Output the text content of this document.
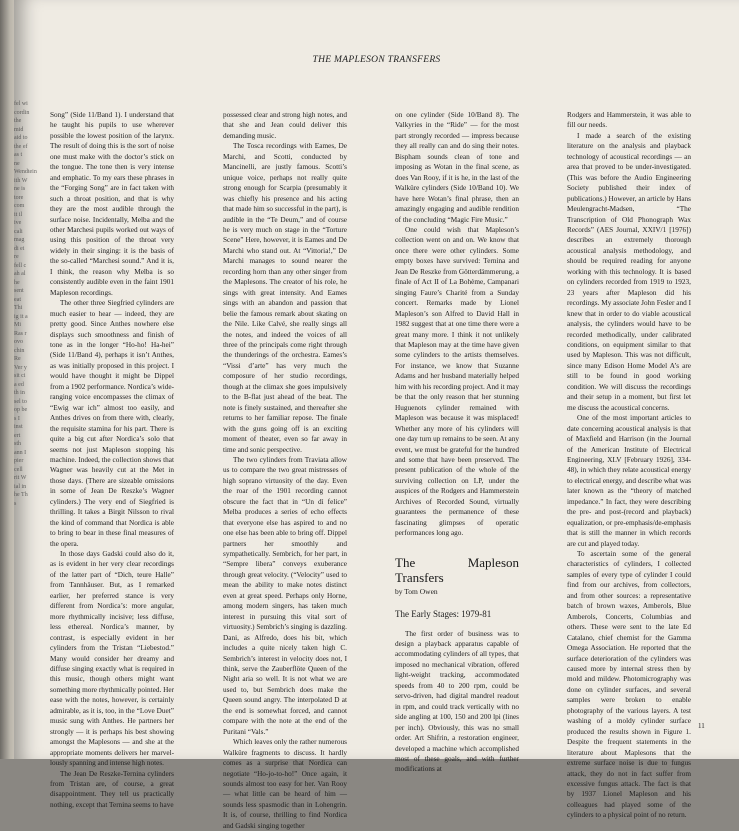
fel wi cordin the mid aid to the ef as t ne Wendtein ith W ne is tore com it il ive cali mag di ei re fell c ah al he sent eat Thi ig it a Mi Ras r ovo chin Re Ver y sit ci a ed th in sel to op be s I inst ert sth ann I pier cell rit W ial in he Th s
THE MAPLESON TRANSFERS

Song” (Side 11/Band 1). I understand that he taught his pupils to use wherever possible the lowest position of the larynx. The result of doing this is the sort of noise one must make with the doctor’s stick on the tongue. The tone then is very intense and emphatic. To my ears these phrases in the “Forging Song” are in fact taken with such a throat position, and that is why they are the most audible through the surface noise. Incidentally, Melba and the other Marchesi pupils worked out ways of using this position of the throat very widely in their singing: it is the basis of the so-called “Marchesi sound.” And it is, I think, the reason why Melba is so consistently audible even in the faint 1901 Mapleson recordings.

The other three Siegfried cylinders are much easier to hear — indeed, they are pretty good. Since Anthes nowhere else displays such smoothness and finish of tone as in the longer “Ho-ho! Ha-hei” (Side 11/Band 4), perhaps it isn’t Anthes, as was initially proposed in this project. I would have thought it might be Dippel from a 1902 performance. Nordica’s wide-ranging voice encompasses the climax of “Ewig war ich” almost too easily, and Anthes drives on from there with, clearly, the requisite stamina for his part. There is quite a big cut after Nordica’s solo that seems not just Mapleson stopping his machine. Indeed, the collection shows that Wagner was heavily cut at the Met in those days. (There are sizeable omissions in some of Jean De Reszke’s Wagner cylinders.) The very end of Siegfried is thrilling. It takes a Birgit Nilsson to rival the kind of command that Nordica is able to bring to bear in these final measures of the opera.

In those days Gadski could also do it, as is evident in her very clear recordings of the latter part of “Dich, teure Halle” from Tannhäuser. But, as I remarked earlier, her preferred stance is very different from Nordica’s: more angular, more rhythmically incisive; less diffuse, less ethereal. Nordica’s manner, by contrast, is especially evident in her cylinders from the Tristan “Liebestod.” Many would consider her dreamy and diffuse singing exactly what is required in this music, though others might want something more rhythmically pointed. Her ease with the notes, however, is certainly admirable, as it is, too, in the “Love Duet” music sung with Anthes. He partners her strongly — it is perhaps his best showing amongst the Maplesons — and she at the appropriate moments delivers her marvel-lously spanning and intense high notes.

The Jean De Reszke-Ternina cylinders from Tristan are, of course, a great disappointment. They tell us practically nothing, except that Ternina seems to have

possessed clear and strong high notes, and that she and Jean could deliver this demanding music.

The Tosca recordings with Eames, De Marchi, and Scotti, conducted by Mancinelli, are justly famous. Scotti’s unique voice, perhaps not really quite strong enough for Scarpia (presumably it was chiefly his presence and his acting that made him so successful in the part), is audible in the “Te Deum,” and of course he is very much on stage in the “Torture Scene” Here, however, it is Eames and De Marchi who stand out. At “Vittoria!,” De Marchi manages to sound nearer the recording horn than any other singer from the Maplesons. The creator of his role, he sings with great intensity. And Eames sings with an abandon and passion that belie the famous remark about skating on the Nile. Like Calvé, she really sings all the notes, and indeed the voices of all three of the principals come right through the thunderings of the orchestra. Eames’s “Vissi d’arte” has very much the composure of her studio recordings, though at the climax she goes impulsively to the B-flat just ahead of the beat. The note is finely sustained, and thereafter she returns to her familiar repose. The finale with the guns going off is an exciting moment of theater, even so far away in time and sonic perspective.

The two cylinders from Traviata allow us to compare the two great mistresses of high soprano virtuosity of the day. Even the roar of the 1901 recording cannot obscure the fact that in “Un dì felice” Melba produces a series of echo effects that everyone else has aspired to and no one else has been able to bring off. Dippel partners her smoothly and sympathetically. Sembrich, for her part, in “Sempre libera” conveys exuberance through great velocity. (“Velocity” used to mean the ability to make notes distinct even at great speed. Perhaps only Horne, among modern singers, has taken much interest in pursuing this vital sort of virtuosity.) Sembrich’s singing is dazzling. Dani, as Alfredo, does his bit, which includes a quite nicely taken high C. Sembrich’s interest in velocity does not, I think, serve the Zauberflöte Queen of the Night aria so well. It is not what we are used to, but Sembrich does make the Queen sound angry. The interpolated D at the end is somewhat forced, and cannot compare with the note at the end of the Puritani “Vals.”

Which leaves only the rather numerous Walküre fragments to discuss. It hardly comes as a surprise that Nordica can negotiate “Ho-jo-to-ho!” Once again, it sounds almost too easy for her. Van Rooy — what little can be heard of him — sounds less spasmodic than in Lohengrin. It is, of course, thrilling to find Nordica and Gadski singing together

on one cylinder (Side 10/Band 8). The Valkyries in the “Ride” — for the most part strongly recorded — impress because they all really can and do sing their notes. Bispham sounds clean of tone and imposing as Wotan in the final scene, as does Van Rooy, if it is he, in the last of the Walküre cylinders (Side 10/Band 10). We have here Wotan’s final phrase, then an amazingly engaging and audible rendition of the concluding “Magic Fire Music.”

One could wish that Mapleson’s collection went on and on. We know that once there were other cylinders. Some empty boxes have survived: Ternina and Jean De Reszke from Götterdämmerung, a finale of Act II of La Bohème, Campanari singing Faure’s Charité from a Sunday concert. Remarks made by Lionel Mapleson’s son Alfred to David Hall in 1982 suggest that at one time there were a great many more. I think it not unlikely that Mapleson may at the time have given some cylinders to the artists themselves. For instance, we know that Suzanne Adams and her husband materially helped him with his recording project. And it may be that the only reason that her stunning Huguenots cylinder remained with Mapleson was because it was misplaced! Whether any more of his cylinders will one day turn up remains to be seen. At any event, we must be grateful for the hundred and some that have been preserved. The present publication of the whole of the surviving collection on LP, under the auspices of the Rodgers and Hammerstein Archives of Recorded Sound, virtually guarantees the permanence of these fascinating glimpses of operatic performances long ago.

The Mapleson Transfers
by Tom Owen
The Early Stages: 1979-81

The first order of business was to design a playback apparatus capable of accommodating cylinders of all types, that imposed no mechanical vibration, offered light-weight tracking, accommodated speeds from 40 to 200 rpm, could be servo-driven, had digital mandrel readout in rpm, and could track vertically with no side angling at 100, 150 and 200 lpi (lines per inch). Obviously, this was no small order. Art Shifrin, a restoration engineer, developed a machine which accomplished most of these goals, and with further modifications at

Rodgers and Hammerstein, it was able to fill our needs.

I made a search of the existing literature on the analysis and playback technology of acoustical recordings — an area that proved to be under-investigated. (This was before the Audio Engineering Society published their index of publications.) However, an article by Hans Meulengracht-Madsen, “The Transcription of Old Phonograph Wax Records” (AES Journal, XXIV/1 [1976]) describes an extremely thorough acoustical analysis methodology, and should be required reading for anyone working with this technology. It is based on cylinders recorded from 1919 to 1923, 23 years after Mapleson did his recordings. My associate John Fesler and I knew that in order to do viable acoustical analysis, the cylinders would have to be recorded methodically, under calibrated conditions, on equipment similar to that used by Mapleson. This was not difficult, since many Edison Home Model A’s are still to be found in good working condition. We will discuss the recordings and their setup in a moment, but first let me discuss the acoustical concerns.

One of the most important articles to date concerning acoustical analysis is that of Maxfield and Harrison (in the Journal of the American Institute of Electrical Engineering, XLV [February 1926], 334-48), in which they relate acoustical energy to electrical energy, and describe what was later known as the “theory of matched impedance.” In fact, they were describing the pre- and post-(record and playback) equalization, or pre-emphasis/de-emphasis that is still the manner in which records are cut and played today.

To ascertain some of the general characteristics of cylinders, I collected samples of every type of cylinder I could find from our archives, from collectors, and from other sources: a representative batch of brown waxes, Amberols, Blue Amberols, Concerts, Columbias and others. These were sent to the late Ed Catalano, chief chemist for the Gamma Omega Association. He reported that the surface deterioration of the cylinders was caused more by internal stress then by mold and mildew. Photomicrography was done on cylinder surfaces, and several samples were broken to enable photography of the various layers. A test washing of a moldy cylinder surface produced the results shown in Figure 1. Despite the frequent statements in the literature about Maplesons that the extreme surface noise is due to fungus attack, they do not in fact suffer from excessive fungus attack. The fact is that by 1937 Lionel Mapleson and his colleagues had played some of the cylinders to a physical point of no return.

11
